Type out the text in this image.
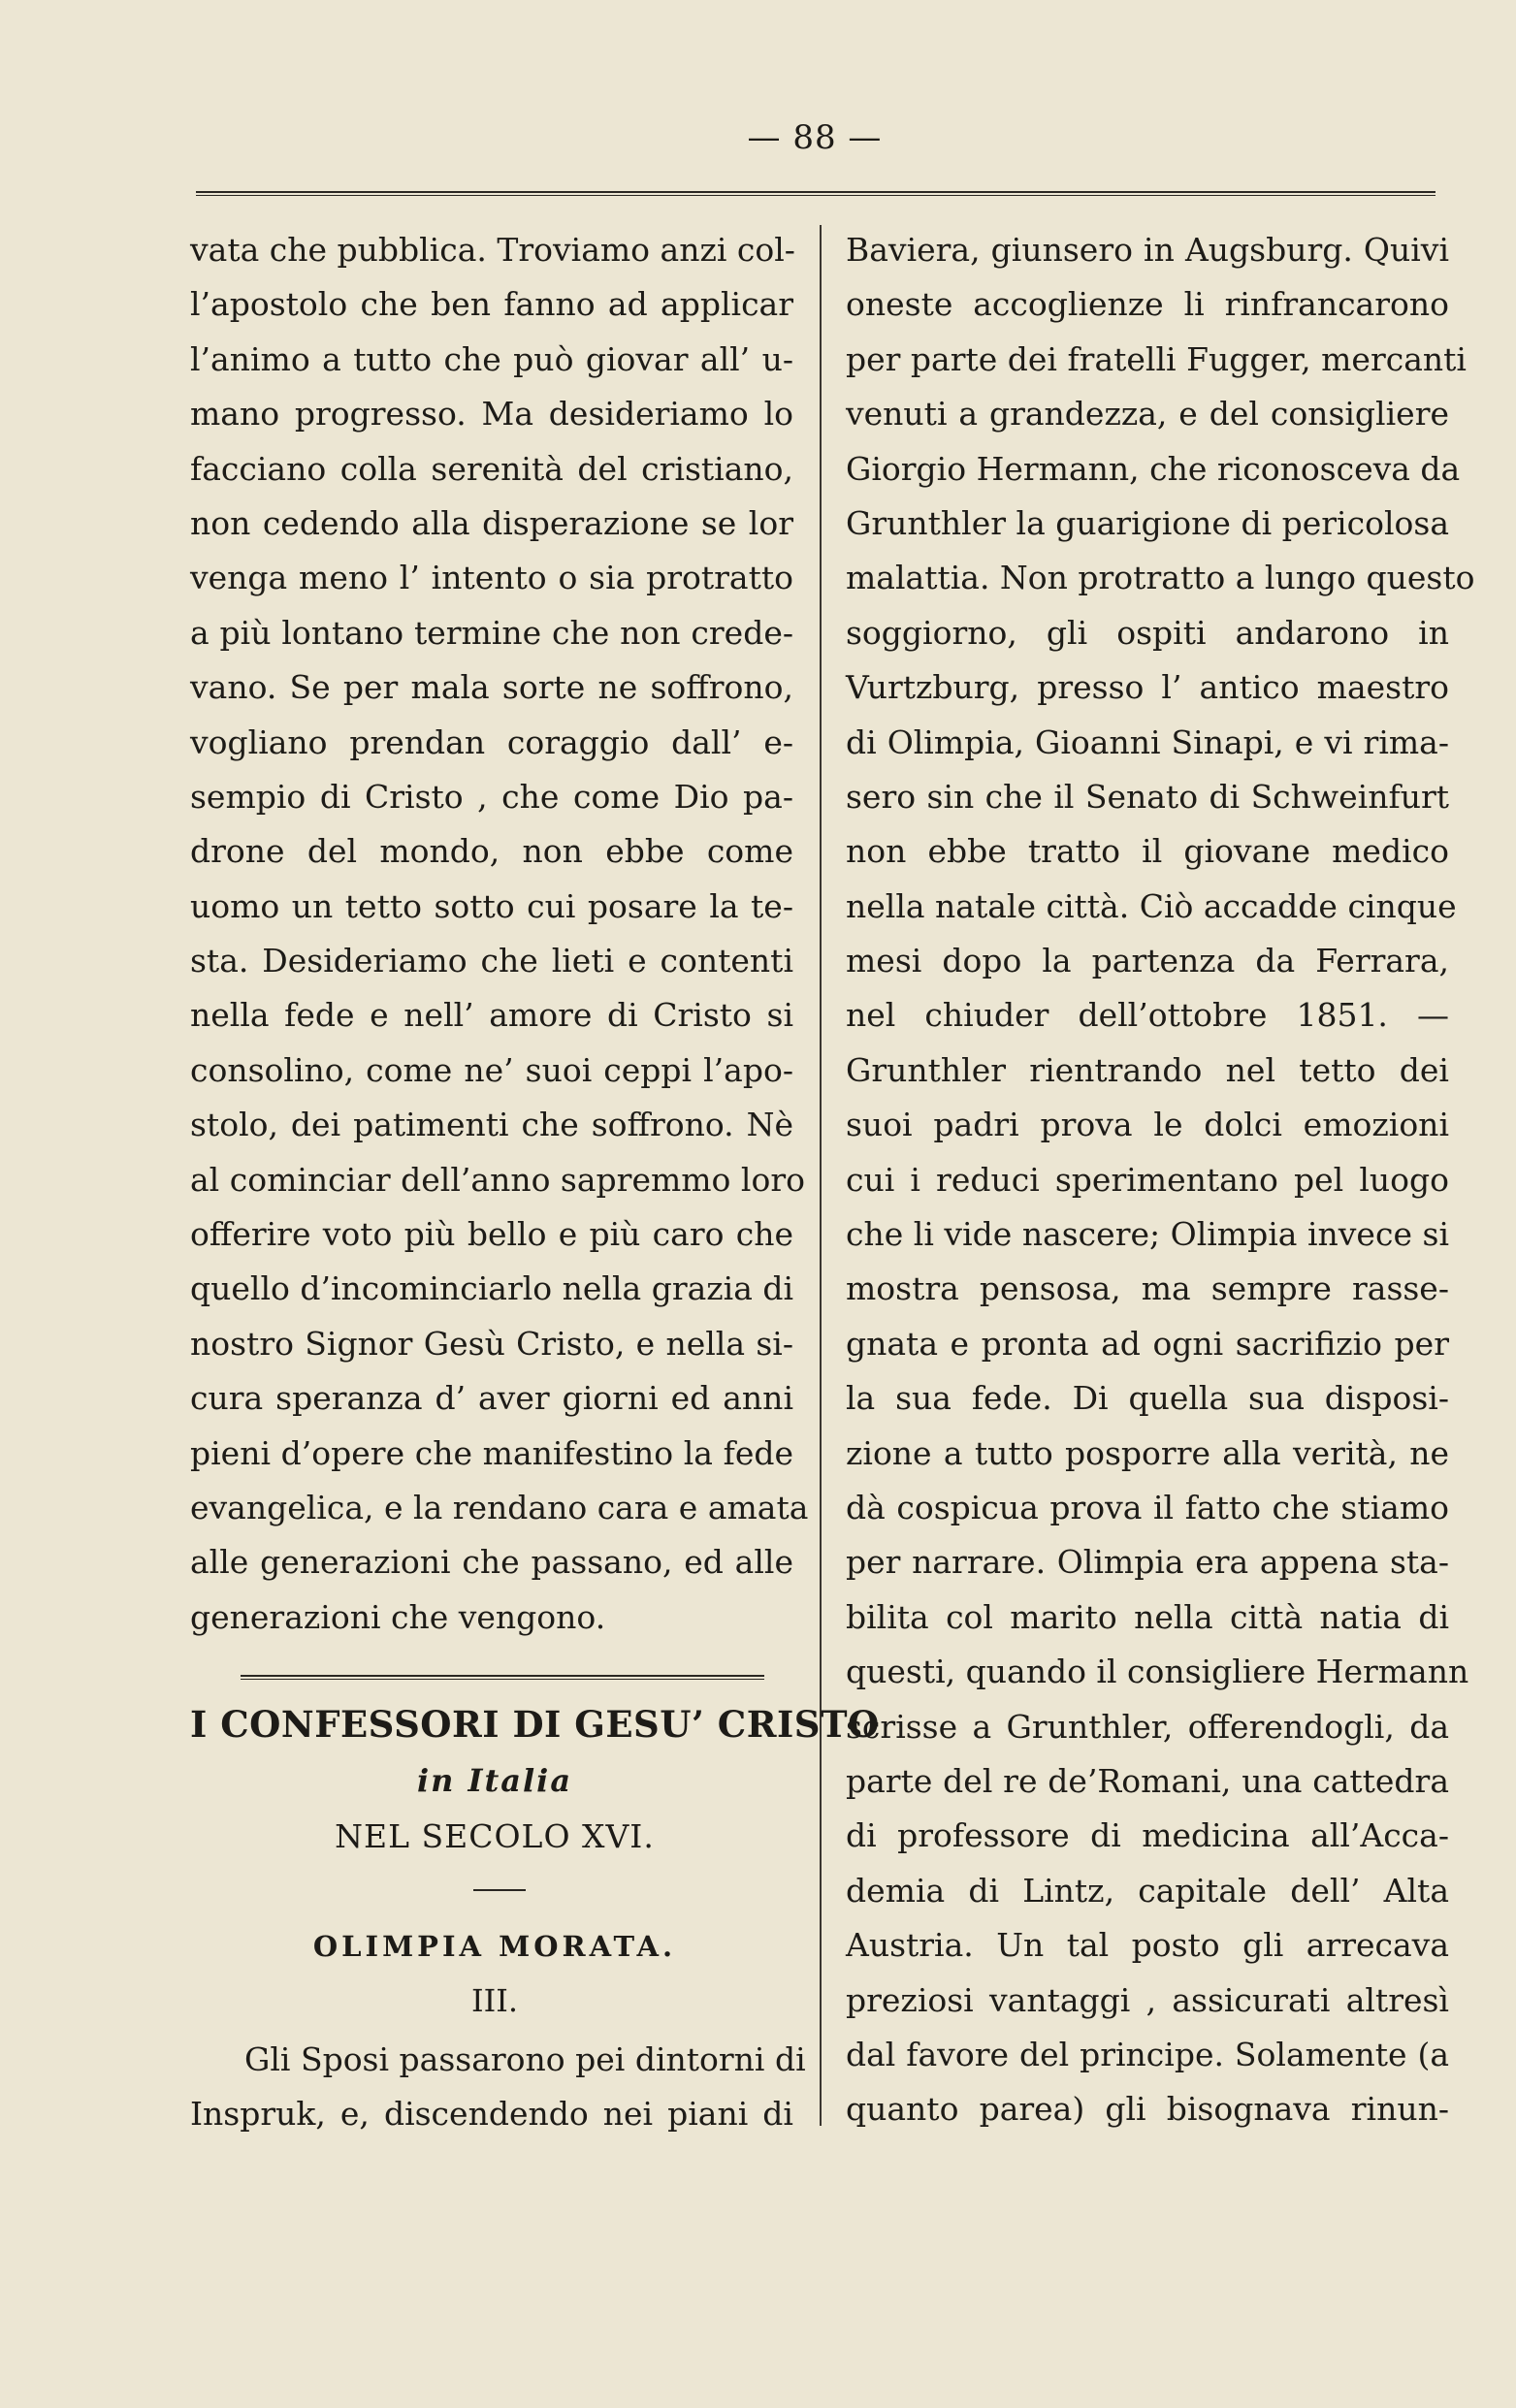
— 88 —
vata che pubblica. Troviamo anzi col-
l’apostolo che ben fanno ad applicar
l’animo a tutto che può giovar all’ u-
mano progresso. Ma desideriamo lo
facciano colla serenità del cristiano,
non cedendo alla disperazione se lor
venga meno l’ intento o sia protratto
a più lontano termine che non crede-
vano. Se per mala sorte ne soffrono,
vogliano prendan coraggio dall’ e-
sempio di Cristo , che come Dio pa-
drone del mondo, non ebbe come
uomo un tetto sotto cui posare la te-
sta. Desideriamo che lieti e contenti
nella fede e nell’ amore di Cristo si
consolino, come ne’ suoi ceppi l’apo-
stolo, dei patimenti che soffrono. Nè
al cominciar dell’anno sapremmo loro
offerire voto più bello e più caro che
quello d’incominciarlo nella grazia di
nostro Signor Gesù Cristo, e nella si-
cura speranza d’ aver giorni ed anni
pieni d’opere che manifestino la fede
evangelica, e la rendano cara e amata
alle generazioni che passano, ed alle
generazioni che vengono.
I CONFESSORI DI GESU’ CRISTO
in Italia
NEL SECOLO XVI.
OLIMPIA MORATA.
III.
Gli Sposi passarono pei dintorni di
Inspruk, e, discendendo nei piani di
Baviera, giunsero in Augsburg. Quivi
oneste accoglienze li rinfrancarono
per parte dei fratelli Fugger, mercanti
venuti a grandezza, e del consigliere
Giorgio Hermann, che riconosceva da
Grunthler la guarigione di pericolosa
malattia. Non protratto a lungo questo
soggiorno, gli ospiti andarono in
Vurtzburg, presso l’ antico maestro
di Olimpia, Gioanni Sinapi, e vi rima-
sero sin che il Senato di Schweinfurt
non ebbe tratto il giovane medico
nella natale città. Ciò accadde cinque
mesi dopo la partenza da Ferrara,
nel chiuder dell’ottobre 1851. —
Grunthler rientrando nel tetto dei
suoi padri prova le dolci emozioni
cui i reduci sperimentano pel luogo
che li vide nascere; Olimpia invece si
mostra pensosa, ma sempre rasse-
gnata e pronta ad ogni sacrifizio per
la sua fede. Di quella sua disposi-
zione a tutto posporre alla verità, ne
dà cospicua prova il fatto che stiamo
per narrare. Olimpia era appena sta-
bilita col marito nella città natia di
questi, quando il consigliere Hermann
scrisse a Grunthler, offerendogli, da
parte del re de’Romani, una cattedra
di professore di medicina all’Acca-
demia di Lintz, capitale dell’ Alta
Austria. Un tal posto gli arrecava
preziosi vantaggi , assicurati altresì
dal favore del principe. Solamente (a
quanto parea) gli bisognava rinun-
